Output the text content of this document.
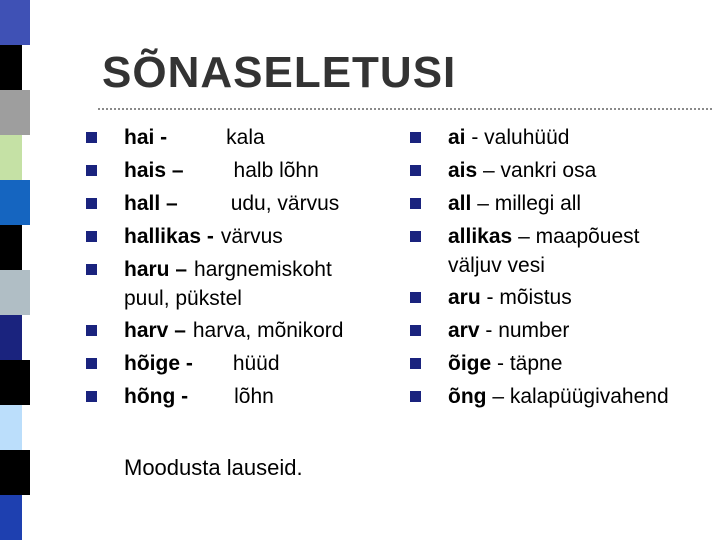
SÕNASELETUSI
hai -	kala
hais – halb lõhn
hall –	udu, värvus
hallikas - värvus
haru – hargnemiskoht
puul, pükstel
harv – harva, mõnikord
hõige - hüüd
hõng - lõhn
ai - valuhüüd
ais – vankri osa
all – millegi all
allikas – maapõuest
väljuv vesi
aru - mõistus
arv - number
õige - täpne
õng – kalapüügivahend
Moodusta lauseid.
